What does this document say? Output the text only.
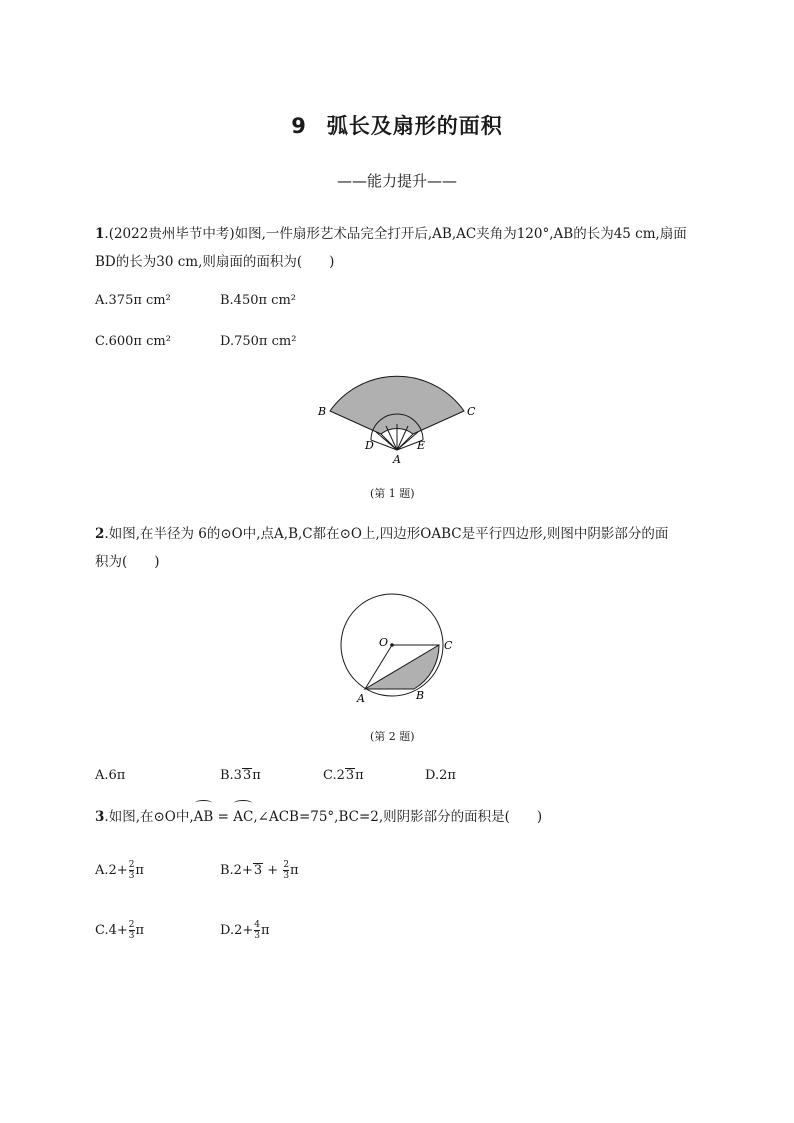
9 弧长及扇形的面积
——能力提升——
1.(2022贵州毕节中考)如图,一件扇形艺术品完全打开后,AB,AC夹角为120°,AB的长为45 cm,扇面
BD的长为30 cm,则扇面的面积为(　　)
A.375π cm²	B.450π cm²
C.600π cm²	D.750π cm²
B	C
D	E
A
(第 1 题)
2.如图,在半径为 6的⊙O中,点A,B,C都在⊙O上,四边形OABC是平行四边形,则图中阴影部分的面
积为(　　)
O	C
A	B
(第 2 题)
A.6π	B.33π	C.23π	D.2π
3.如图,在⊙O中,AB = AC,∠ACB=75°,BC=2,则阴影部分的面积是(　　)
$A.2+ \frac{2}{3}$ π	$B.2+3 + \frac{2}{3}$ π
$C.4+ \frac{2}{3}$ π	$D.2+ \frac{4}{3}$ π
